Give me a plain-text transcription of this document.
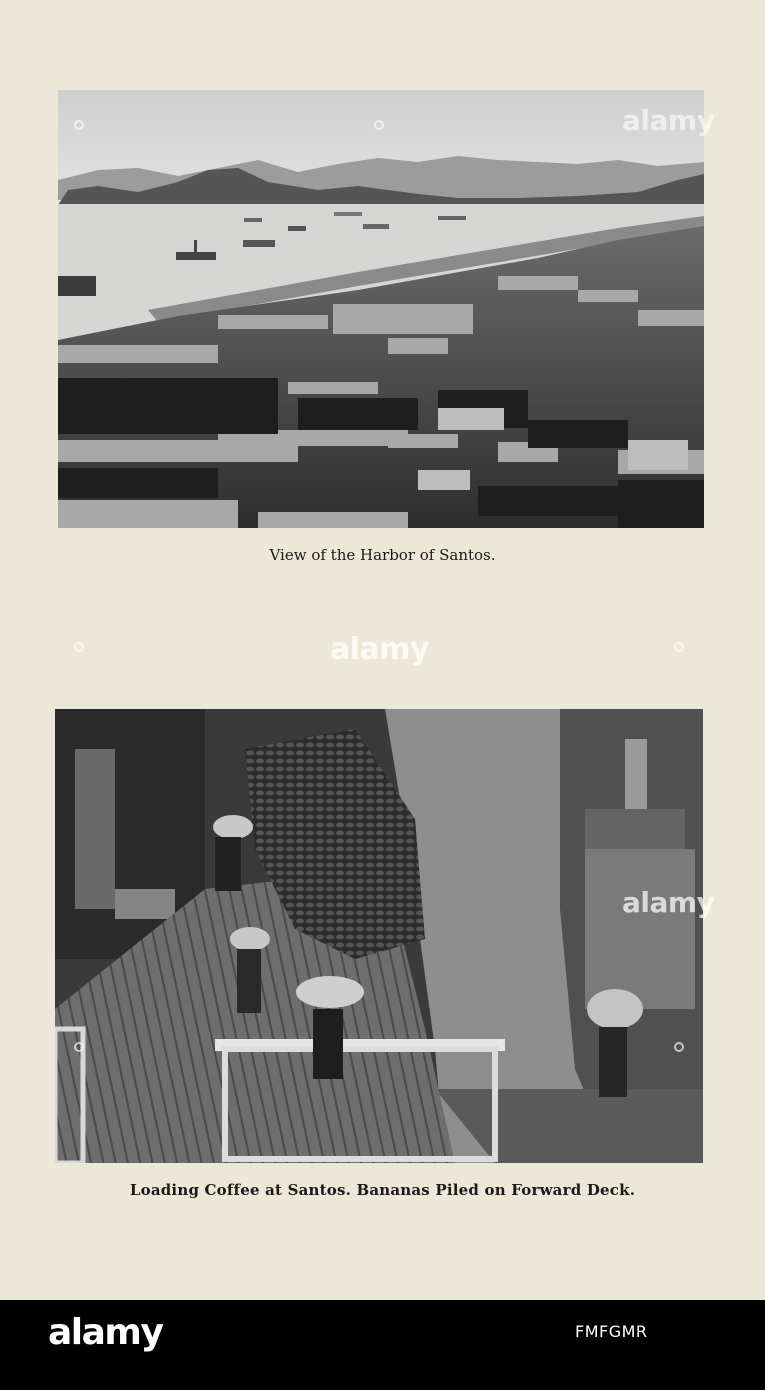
alamy
View of the Harbor of Santos.
alamy
alamy
Loading Coffee at Santos. Bananas Piled on Forward Deck.
alamy	FMFGMR
